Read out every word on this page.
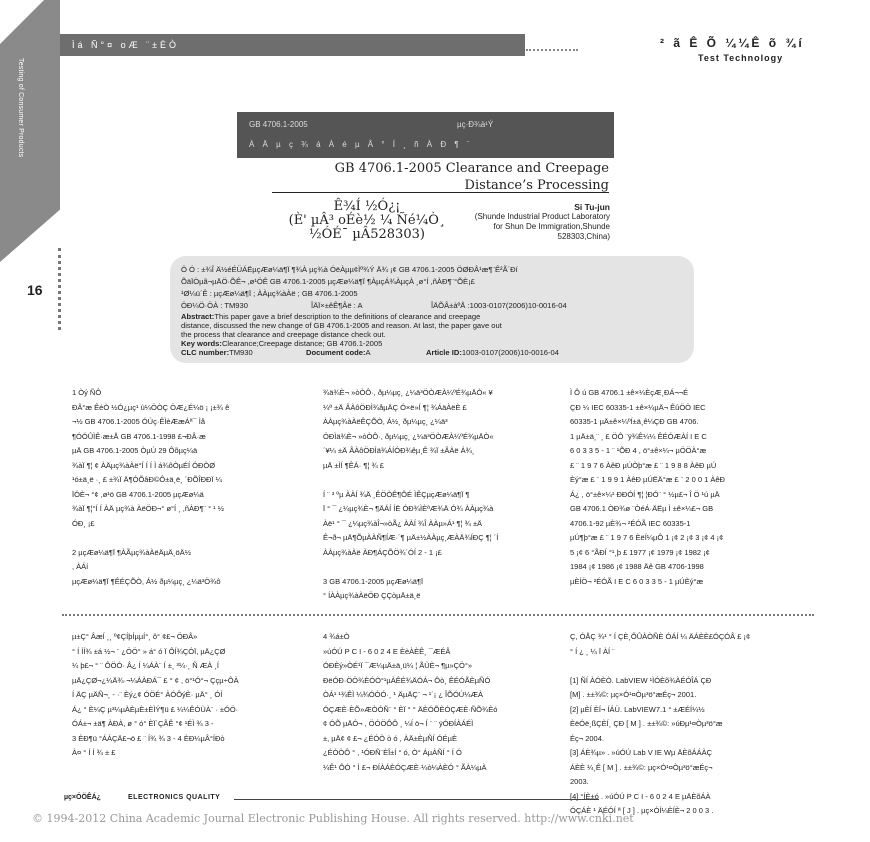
Testing of Consumer Products
Ìá Ñ°¤ oÆ ¨±ÈÒ	² ã Ê Õ ¼¼Ê õ ¾í
Test Technology
16
GB 4706.1-2005	µç·Ð¾à¹Ý
À Ä µ ç ¾ á À é µ Â ° Í ¸ ñ À Ð ¶ ¨
GB 4706.1-2005 Clearance and Creepage
Distance’s Processing
Ê¾Í ½Ó¿¡
(È' µÂ³ oÉè½ ¼ Ñé¼Ò¸
½ÓÉ¯ µÂ528303)
Si Tu-jun
(Shunde Industrial Product Laboratory
for Shun De Immigration,Shunde
528303,China)
Ô Ó : ±¾Î Ä½éÉÜÁËµçÆø¼ä¶Ï ¶¾À µç¾à ÓëÀµµ¢Ìº¾Ý Ä¾ ¡¢ GB 4706.1-2005 ÖØÐÂ¹æ¶¨Ê²Ã´Ðí
ÕäÏÒµã¬µÄÖ·ÕÊ¬ ,ø¹ÖÊ GB 4706.1-2005 µçÆø¼ä¶Ï ¶ÀµçÁ¾ÀµçÀ ¸ø°Í ,ñÀÐ¶¨°ÕÈ¡£
¹Ø¼ü´Ê : µçÆø¼ä¶Ï ; ÀÀµç¾àÀë ; GB 4706.1-2005
ÖÐ¼Ö·ÖÀ : TM930	ÎÄÏ×±êÊ¶Âë : A	ÎÄÕÂ±àºÅ :1003-0107(2006)10-0016-04
Abstract:This paper gave a brief description to the definitions of clearance and creepage
distance, discussed the new change of GB 4706.1-2005 and reason. At last, the paper gave out
the process that clearance and creepage distance check out.
Key words:Clearance;Creepage distance; GB 4706.1-2005
CLC number:TM930	Document code:A	Article ID:1003-0107(2006)10-0016-04
1 Òý ÑÔ
ÐÂ°æ ÊéÒ ½Ó¿µç¹ ù¼ÖÒÇ ÖÆ¿É¼ö ¡ ¡±¾ ê
¬½ GB 4706.1-2005 ÓÚç·ÊÌèÆæÁª¯ Ìå
¶ÓÓÛÌÊ·æ±Å GB 4706.1-1998 £¬ÐÂ·æ
µÄ GB 4706.1-2005 ÒµÚ 29 Ôõµç¼ä
¾àÏ ¶¦ ¢ ÀÄµç¾àÀë°Í Í Í Ì á¾ôÒµÉÍ ÓÐÒØ
¹ó±ä¸ë ·¸ £ ±¾Ï Ä¶ÓÕâÐ©Ô±ä¸ë¸ ´ÐÕÎÐÐÏ ¼
ÏÓÈ¬ °¢ ,ø¹ö GB 4706.1-2005 µçÆø¼ä
¾àÏ ¶¦°Í Í ÀÄ µç¾à ÀëÖÐ¬° ø°Í ¸ ,ñÀÐ¶¨ ° ¹ ½
ÓÐ¸ ¡£

2 µçÆø¼ä¶Ï ¶ÀÃµç¾àÀëÄµÄ¸öÄ½
, ÀÁí
µçÆø¼ä¶Ï ¶ÊÉÇÕÒ, Á½ ðµ¼µç¸ ¿¼ä³Ö¾ô
¾ä¾È¬ »òÒÔ·, ðµ¼µç¸ ¿¼ä³ÖÒÆÀ¼ºÉ¾µÄÒ« ¥
¼ª ±Ä ÂÀôÖÐÌ¾åµÄÇ Ó×ë»Í ¶¦ ¾ÁäÀëÈ £
ÀÀµç¾àÀëÊÇÕÒ, Á½¸ ðµ¼µç¸ ¿¼ä³
ÖÐÌä¾È¬ »òÒÔ·, ðµ¼µç¸ ¿¼ä³ÖÒÆÀ¼ºÉ¾µÄÒ«
´¥¼ ±Ä ÂÀôÖÐÌä¾ÁÍÓÐ¾êµ¸Ê ¾Ï ±ÂÀë Á¾¸
µÄ ±ÌÍ ¶ÊÁ· ¶¦ ¾ £

Í ¨ ³ ºµ ÀÀÍ ¾Ä ¸ÊÖÒÊ¶ÔÉ ÌÊÇµçÆø¼ä¶Ï ¶
Ï ° ¯ ¿¼µç¾È¬ ¶ÄÁÍ ÍË ÓÐ¾ÌÈªÆ¾Ä Ó¾ ÀÀµç¾à
Àë¹ ° ¯ ¿¼µç¾àÎ¬»òÃ¿ ÀÀÍ ¾Î ÀÀµ»Á¹ ¶¦ ¾ ±Ä
Ê¬ð¬ µÄ¶ÕµÀÀÑ¶ÍÆ·´¶ µÄ±½ÀÀµç¸ÆÀÄ¾ÍÐÇ ¶¦ ´Í
ÀÀµç¾àÀë ÀÐ¶ÁÇÕÖ¾´ÓÍ 2 - 1 ¡£

3 GB 4706.1-2005 µçÆø¼ä¶Ï
° ÍÀÀµç¾àÀëÖÐ ÇÇòµÄ±ä¸ë
Ì Ô ú GB 4706.1 ±ê×¼ÈçÆ¸ÐÁ¬¬É
ÇÐ ¼ IEC 60335-1 ±ê×¼µÄ¬ ÊûÖÖ IEC
60335-1 µÄ±ê×¼ºÍ±ä¸ê¼ÇÐ GB 4706.
1 µÄ±ä¸¨ ¸ £ ÖÔ ¨ÿ¾Ê¼¼ ÊÉÓÆÀÍ I E C
6 0 3 3 5 - 1 ¨ ¹ÕÐ 4 , ö°±ê×¼¬ µÖÖÀ°æ
£ ¨ 1 9 7 6 ÀêÐ µÚÒþ°æ £ ¨ 1 9 8 8 ÀêÐ µÚ
Èý°æ £ ¨ 1 9 9 1 ÀêÐ µÚËÄ°æ £ ¨ 2 0 0 1 ÀêÐ
Á¿ , ö°±ê×¼¹ ÐÐÓÍ ¶¦ ¦ÐÓ¨ ° ½µ£¬ Î Ö ¹ú µÄ
GB 4706.1 ÒÐ¾ø ¨ÒéÁ·ÄËµ Ì ±ê×¼£¬ GB
4706.1-92 µÈ¾¬ ²ÉÓÃ IEC 60335-1
µÚ¶þ°æ £ ¨ 1 9 7 6 ÈëÍ¼µÔ 1 ¡¢ 2 ¡¢ 3 ¡¢ 4 ¡¢
5 ¡¢ 6 °ÃÐÍ °¹¸þ £ 1977 ¡¢ 1979 ¡¢ 1982 ¡¢
1984 ¡¢ 1986 ¡¢ 1988 Äê GB 4706-1998
µÈÍÖ¬ ²ÉÓÃ I E C 6 0 3 3 5 - 1 µÚÈý°æ
µ±Ç° ÂæÍ ¸¸ º¢ÇÍþÍµµÍ°¸ ô° ¢£¬ ÖÐÂ»
° Í ÍÍ¾ ±á ½¬ ¨ ¿ÖÖ° » á° ó Ï ÔÍ¾ÇÓÏ, µÄ¿ÇØ
¼ þ£¬ ° ¨ ÔÖÓ· Â¿ Í ¼ÁÀ¨ Í ±¸ ³¼·¸ Ñ ÆÀ ¸Í
µÄ¿ÇØ¬¿¼Ä¾·¬¼ÁÀÐÁ¯ £ ° ¢ , ö°¹Ó°¬ Ççµ÷ÔÀ
Í ÄÇ µÄÑ¬¸ - ·¨ Èý¿¢ ÓÖÉ° ÀÓÔýÈ· µÄ° ¸ ÓÍ
Á¿ ° È¼Ç µ³¼µÀÈµÈ±ÈÌÝ¶ü £ ¼¼ÊÓÙÀ¨ · ±ÓÖ·
ÓÁ±¬ ±ä¶ ÀÐÀ, ø ° ó° ÈÏ´ÇÂÊ °¢ ¹ÉÌ ¾ 3 -
3 ÈÐ¶ü °ÁÁÇÄ£¬ö £ ¨ Í¾ ¾ 3 - 4 ÈÐ¼µÂ°ÍÐò
À¤ ° Í Í ¾ ± £
4 ¾á±Ò
»úÓÚ P C I - 6 0 2 4 E ÈèÀÈÊ¸ ¯ÆÉÂ
ÓÐÈý»ÒÉ¹Ï ¯Æ¼µÄ±ä¸ü¼ ¦ ÃÙÈ¬ ¶µ»ÇÖ°»
ÐëÓÐ·ÖÖ¾ÈÓÒ°¹µÀÊÉ¾ÄÓÁ¬ Ôò¸ ÊÉÓÃÈµÑÓ
ÒÁ¹ ¹¾ÊÌ ¼¾ÓÒÓ·¸ ¹ ÄµÄÇ¨ ¬ ¹´¡ ¿ ÎÕÓÚ¼ÆÀ
ÓÇÆÈ·ÈÕ»ÆÒÓÑ¨ ° ÈÏ ° ° ÄÈÓÕÈÓÇÆÈ·ÑÕ¾Èó
¢ ÓÕ µÄÓ¬ , ÖÓÖÔÔ ¸ ¼Í ö¬ Í ¨ ¨ ÿÓÐÍÀÁÉÌ
±, µÄ¢ ¢ £¬ ¿ÉÓÒ ò ó , ÀÄ±ÈµÑÍ ÓÉµÈ
¿ÉÓÒÔ ° , ¹ÓÐÑ¨ÈÎ±Í ° ó, Ò° ÁµÀÑÍ ° Í Ó
¼Ê¹ ÔÓ ° Ì £¬ ÐÍÀÁÈÓÇÆÈ·¼ò¼ÀÈÓ ° ÃÀ¼µÀ
Ç, ÓÅÇ ¾¹ ° Í ÇÈ¸ÔÛÀÒÑÈ ÓÁÍ ¼ ÄÁÈÈ£ÓÇÓÂ £ ¡¢
° Í ¿ ¸ ¼ Ï ÀÍ ¨

[1] ÑÍ ÀÓÈÒ. LabVIEW ¹ÌÓÈõ¾ÀÉÓÎÁ ÇÐ
[M] . ±±¾©: µç×Ó¹¤Òµ³ö°æÉç¬ 2001.
[2] µÈÍ ÈÍ¬ ÍÁÜ. LabVIEW7.1 ° ±ÆÉÍ¼½
ÈëÓë¸ßÇÈÍ¸ ÇÐ [ M ] . ±±¾©: »úÐµ¹¤Òµ³ö°æ
Éç¬ 2004.
[3] ÁÈ¾µ» . »úÓÚ Lab V IE Wµ ÄÈõÁÁÀÇ
ÁÈÈ ¼¸Ê [ M ] . ±±¾©: µç×Ó¹¤Òµ³ö°æÉç¬
2003.
[4] °ÍÈ±ó . »úÓÚ P C I - 6 0 2 4 E µÄÈõÁÀ
ÓÇÁÈ ¹ ÄÉÓÍ ª [ J ] . µç×ÓÍ¼ÈÍÈ¬ 2 0 0 3 .
µç×ÓÖÊÁ¿	ELECTRONICS QUALITY
© 1994-2012 China Academic Journal Electronic Publishing House. All rights reserved. http://www.cnki.net
